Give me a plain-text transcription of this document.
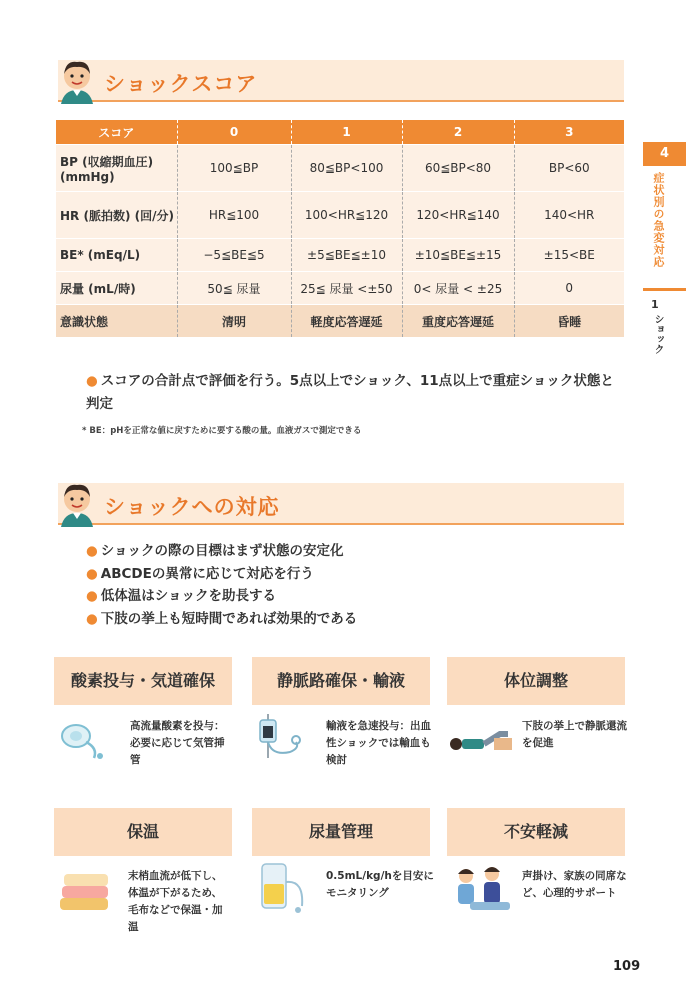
ショックスコア
4
症状別の急変対応
1
ショック
スコア	0	1	2	3
BP (収縮期血圧) (mmHg)	100≦BP	80≦BP<100	60≦BP<80	BP<60
HR (脈拍数) (回/分)	HR≦100	100<HR≦120	120<HR≦140	140<HR
BE* (mEq/L)	−5≦BE≦5	±5≦BE≦±10	±10≦BE≦±15	±15<BE
尿量 (mL/時)	50≦ 尿量	25≦ 尿量 <±50	0< 尿量 < ±25	0
意識状態	清明	軽度応答遅延	重度応答遅延	昏睡
● スコアの合計点で評価を行う。5点以上でショック、11点以上で重症ショック状態と判定
* BE：pHを正常な値に戻すために要する酸の量。血液ガスで測定できる
ショックへの対応
● ショックの際の目標はまず状態の安定化
● ABCDEの異常に応じて対応を行う
● 低体温はショックを助長する
● 下肢の挙上も短時間であれば効果的である
酸素投与・気道確保	静脈路確保・輸液	体位調整
高流量酸素を投与：必要に応じて気管挿管
輸液を急速投与：出血性ショックでは輸血も検討
下肢の挙上で静脈還流を促進
保温	尿量管理	不安軽減
末梢血流が低下し、体温が下がるため、毛布などで保温・加温
0.5mL/kg/hを目安にモニタリング
声掛け、家族の同席など、心理的サポート
109
